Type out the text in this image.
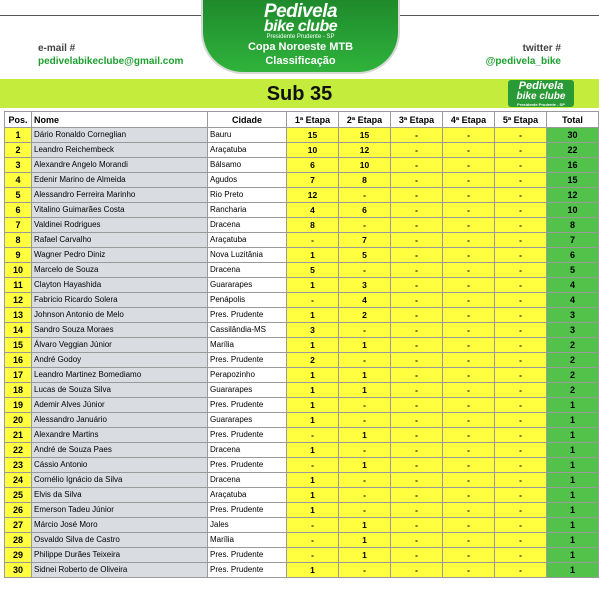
e-mail #
pedivelabikeclube@gmail.com
twitter #
@pedivela_bike
Pedivela
bike clube
Presidente Prudente - SP
Copa Noroeste MTB
Classificação
Sub 35	Pedivela
bike clube
Presidente Prudente - SP
Pos.	Nome	Cidade	1ª Etapa	2ª Etapa	3ª Etapa	4ª Etapa	5ª Etapa	Total
1	Dário Ronaldo Corneglian	Bauru	15	15	-	-	-	30
2	Leandro Reichembeck	Araçatuba	10	12	-	-	-	22
3	Alexandre Angelo Morandi	Bálsamo	6	10	-	-	-	16
4	Edenir Marino de Almeida	Agudos	7	8	-	-	-	15
5	Alessandro Ferreira Marinho	Rio Preto	12	-	-	-	-	12
6	Vitalino Guimarães Costa	Rancharia	4	6	-	-	-	10
7	Valdinei Rodrigues	Dracena	8	-	-	-	-	8
8	Rafael Carvalho	Araçatuba	-	7	-	-	-	7
9	Wagner Pedro Diniz	Nova Luzitânia	1	5	-	-	-	6
10	Marcelo de Souza	Dracena	5	-	-	-	-	5
11	Clayton Hayashida	Guararapes	1	3	-	-	-	4
12	Fabricio Ricardo Solera	Penápolis	-	4	-	-	-	4
13	Johnson Antonio de Melo	Pres. Prudente	1	2	-	-	-	3
14	Sandro Souza Moraes	Cassilândia-MS	3	-	-	-	-	3
15	Álvaro Veggian Júnior	Marília	1	1	-	-	-	2
16	André Godoy	Pres. Prudente	2	-	-	-	-	2
17	Leandro Martinez Bomediamo	Perapozinho	1	1	-	-	-	2
18	Lucas de Souza Silva	Guararapes	1	1	-	-	-	2
19	Ademir Alves Júnior	Pres. Prudente	1	-	-	-	-	1
20	Alessandro Januário	Guararapes	1	-	-	-	-	1
21	Alexandre Martins	Pres. Prudente	-	1	-	-	-	1
22	André de Souza Paes	Dracena	1	-	-	-	-	1
23	Cássio Antonio	Pres. Prudente	-	1	-	-	-	1
24	Cornélio Ignácio da Silva	Dracena	1	-	-	-	-	1
25	Elvis da Silva	Araçatuba	1	-	-	-	-	1
26	Emerson Tadeu Júnior	Pres. Prudente	1	-	-	-	-	1
27	Márcio José Moro	Jales	-	1	-	-	-	1
28	Osvaldo Silva de Castro	Marília	-	1	-	-	-	1
29	Philippe Durães Teixeira	Pres. Prudente	-	1	-	-	-	1
30	Sidnei Roberto de Oliveira	Pres. Prudente	1	-	-	-	-	1
